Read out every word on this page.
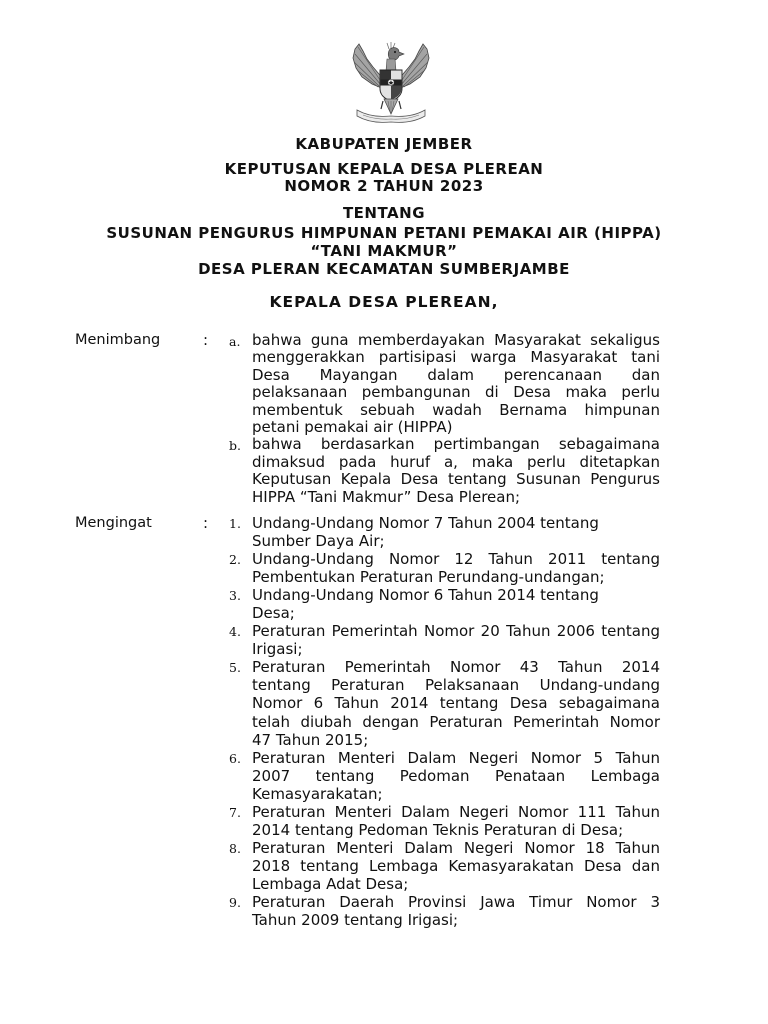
KABUPATEN JEMBER
KEPUTUSAN KEPALA DESA PLEREAN
NOMOR 2 TAHUN 2023
TENTANG
SUSUNAN PENGURUS HIMPUNAN PETANI PEMAKAI AIR (HIPPA)
“TANI MAKMUR”
DESA PLERAN KECAMATAN SUMBERJAMBE
KEPALA DESA PLEREAN,
Menimbang	: a. bahwa guna memberdayakan Masyarakat sekaligus
menggerakkan partisipasi warga Masyarakat tani
Desa Mayangan dalam perencanaan dan
pelaksanaan pembangunan di Desa maka perlu
membentuk sebuah wadah Bernama himpunan
petani pemakai air (HIPPA)
b. bahwa berdasarkan pertimbangan sebagaimana
dimaksud pada huruf a, maka perlu ditetapkan
Keputusan Kepala Desa tentang Susunan Pengurus
HIPPA “Tani Makmur” Desa Plerean;
Mengingat	: 1. Undang-Undang Nomor 7 Tahun 2004 tentang
Sumber Daya Air;
2. Undang-Undang Nomor 12 Tahun 2011 tentang
Pembentukan Peraturan Perundang-undangan;
3. Undang-Undang Nomor 6 Tahun 2014 tentang
Desa;
4. Peraturan Pemerintah Nomor 20 Tahun 2006 tentang
Irigasi;
5. Peraturan Pemerintah Nomor 43 Tahun 2014
tentang Peraturan Pelaksanaan Undang-undang
Nomor 6 Tahun 2014 tentang Desa sebagaimana
telah diubah dengan Peraturan Pemerintah Nomor
47 Tahun 2015;
6. Peraturan Menteri Dalam Negeri Nomor 5 Tahun
2007 tentang Pedoman Penataan Lembaga
Kemasyarakatan;
7. Peraturan Menteri Dalam Negeri Nomor 111 Tahun
2014 tentang Pedoman Teknis Peraturan di Desa;
8. Peraturan Menteri Dalam Negeri Nomor 18 Tahun
2018 tentang Lembaga Kemasyarakatan Desa dan
Lembaga Adat Desa;
9. Peraturan Daerah Provinsi Jawa Timur Nomor 3
Tahun 2009 tentang Irigasi;
